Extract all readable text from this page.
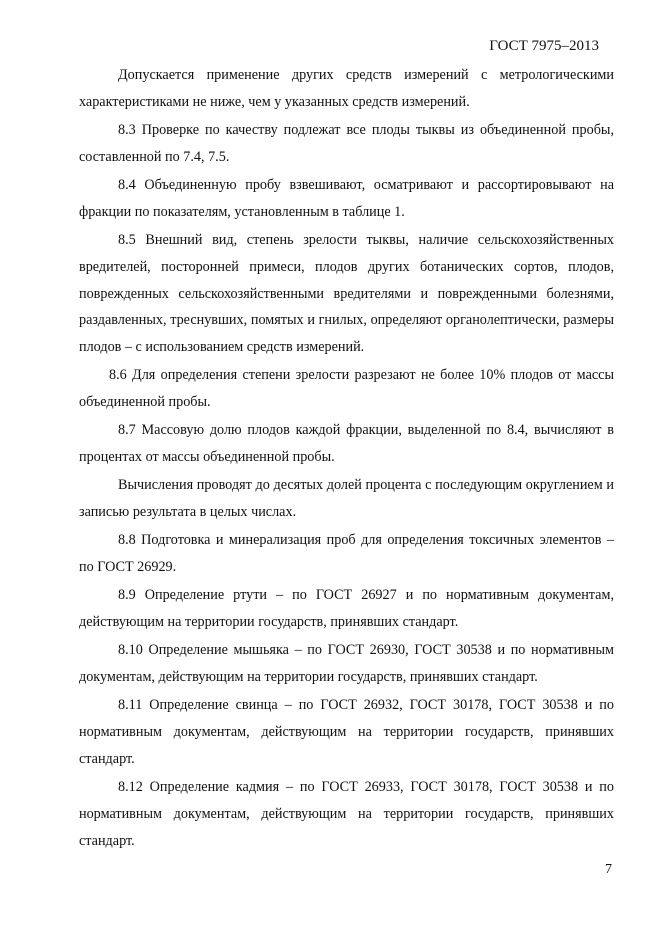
ГОСТ 7975–2013

Допускается применение других средств измерений с метрологическими характеристиками не ниже, чем у указанных средств измерений.

8.3 Проверке по качеству подлежат все плоды тыквы из объединенной пробы, составленной по 7.4, 7.5.

8.4 Объединенную пробу взвешивают, осматривают и рассортировывают на фракции по показателям, установленным в таблице 1.

8.5 Внешний вид, степень зрелости тыквы, наличие сельскохозяйственных вредителей, посторонней примеси, плодов других ботанических сортов, плодов, поврежденных сельскохозяйственными вредителями и поврежденными болезнями, раздавленных, треснувших, помятых и гнилых, определяют органолептически, размеры плодов – с использованием средств измерений.

8.6 Для определения степени зрелости разрезают не более 10% плодов от массы объединенной пробы.

8.7 Массовую долю плодов каждой фракции, выделенной по 8.4, вычисляют в процентах от массы объединенной пробы.

Вычисления проводят до десятых долей процента с последующим округлением и записью результата в целых числах.

8.8 Подготовка и минерализация проб для определения токсичных элементов – по ГОСТ 26929.

8.9 Определение ртути – по ГОСТ 26927 и по нормативным документам, действующим на территории государств, принявших стандарт.

8.10 Определение мышьяка – по ГОСТ 26930, ГОСТ 30538 и по нормативным документам, действующим на территории государств, принявших стандарт.

8.11 Определение свинца – по ГОСТ 26932, ГОСТ 30178, ГОСТ 30538 и по нормативным документам, действующим на территории государств, принявших стандарт.

8.12 Определение кадмия – по ГОСТ 26933, ГОСТ 30178, ГОСТ 30538 и по нормативным документам, действующим на территории государств, принявших стандарт.

7
